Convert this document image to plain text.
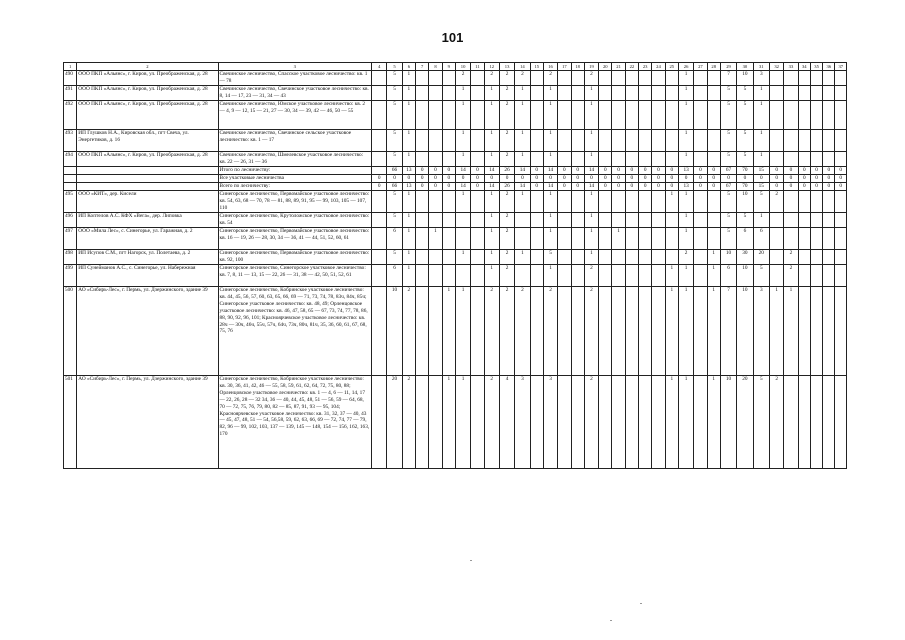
101
1	2	3	4	5	6	7	8	9	10	11	12	13	14	15	16	17	18	19	20	21	22	23	24	25	26	27	28	29	30	31	32	33	34	35	36	37
490	ООО ПКП «Альянс», г. Киров, ул. Преображенская, д. 28	Свечинское лесничество, Спасское участковое лесничество: кв. 1 — 78		5	1				2		2	2	2		2			2							1			7	10	3						
491	ООО ПКП «Альянс», г. Киров, ул. Преображенская, д. 28	Свечинское лесничество, Свечинское участковое лесничество: кв. 8, 14 — 17, 23 — 31, 34 — 43		5	1				1		1	2	1		1			1							1			5	5	1						
492	ООО ПКП «Альянс», г. Киров, ул. Преображенская, д. 28	Свечинское лесничество, Юмское участковое лесничество: кв. 2 — 4, 9 — 12, 15 — 21, 27 — 30, 34 — 39, 42 — 46, 50 — 55		5	1				1		1	2	1		1			1							1			5	5	1						
493	ИП Глушков Н.А., Кировская обл., пгт Свеча, ул. Энергетиков, д. 16	Свечинское лесничество, Свечинское сельское участковое лесничество: кв. 1 — 17		5	1				1		1	2	1		1			1							1			5	5	1						
494	ООО ПКП «Альянс», г. Киров, ул. Преображенская, д. 28	Свечинское лесничество, Шмелевское участковое лесничество: кв. 22 — 26, 31 — 36		5	1				1		1	2	1		1			1							1			5	5	1						
		Итого по лесничеству:		66	13	0	0	0	14	0	14	26	14	0	14	0	0	14	0	0	0	0	0	0	13	0	0	67	70	15	0	0	0	0	0	0
		Все участковые лесничества	0	0	0	0	0	0	0	0	0	0	0	0	0	0	0	0	0	0	0	0	0	0	0	0	0	0	0	0	0	0	0	0	0	0
		Всего по лесничеству:	0	66	13	0	0	0	14	0	14	26	14	0	14	0	0	14	0	0	0	0	0	0	13	0	0	67	70	15	0	0	0	0	0	0
495	ООО «КИТ», дер. Кисели	Синегорское лесничество, Первомайское участковое лесничество: кв. 54, 63, 68 — 70, 78 — 81, 88, 89, 91, 95 — 99, 103, 105 — 107, 110		5	1				1		1	2	1		1			1						1	1			5	10	5	2					
496	ИП Коптелов А.С. КФХ «Вега», дер. Липовка	Синегорское лесничество, Крутоложское участковое лесничество: кв. 54		5	1						1	2			1			1							1			5	5	1						
497	ООО «Мила Лес», с. Синегорье, ул. Гаражная, д. 2	Синегорское лесничество, Первомайское участковое лесничество: кв. 16 — 19, 26 — 28, 30, 34 — 36, 41 — 44, 51, 52, 60, 61		6	1		1				1	2			1			1		1					1			5	6	6						
498	ИП Исупов С.М., пгт Нагорск, ул. Полетаева, д. 2	Синегорское лесничество, Первомайское участковое лесничество: кв. 92, 100		5	1				1		1	2	1		5			1							2		1	10	30	20		2				
499	ИП Сунейманов А.С., с. Синегорье, ул. Набережная	Синегорское лесничество, Синегорское участковое лесничество: кв. 7, 8, 11 — 13, 15 — 22, 26 — 31, 38 — 42, 50, 51, 52, 61		6	1						1	2			1			2						1	1		1	6	10	5		2				
500	АО «Сибирь-Лес», г. Пермь, ул. Дзержинского, здание 39	Синегорское лесничество, Кобринское участковое лесничество: кв. 44, 45, 56, 57, 60, 63, 65, 66, 69 — 71, 73, 74, 78, 83ч, 84ч, 85ч; Синегорское участковое лесничество: кв. 48, 49; Орленцовское участковое лесничество: кв. 46, 47, 58, 65 — 67, 73, 74, 77, 78, 86, 88, 90, 92, 96, 101; Красноярчевское участковое лесничество: кв. 28ч — 30ч, 46ч, 55ч, 57ч, 64ч, 73ч, 80ч, 81ч, 35, 36, 60, 61, 67, 68, 75, 76		10	2			1	1		2	2	2		2			2						1	1		1	7	10	3	1	1				
501	АО «Сибирь-Лес», г. Пермь, ул. Дзержинского, здание 39	Синегорское лесничество, Кобринское участковое лесничество: кв. 30, 36, 41, 42, 46 — 55, 58, 59, 61, 62, 64, 72, 75, 80, 88; Орленцовское участковое лесничество: кв. 1 — 4, 6 — 11, 14, 17 — 22, 26, 28 — 32 34, 36 — 40, 44, 45, 48, 51 — 56, 59 — 64, 68, 70 — 72, 75, 76, 79, 80, 82 — 85, 87, 91, 93 — 95, 104; Красноярчевское участковое лесничество: кв. 31, 32, 37 — 40, 43 — 45, 47, 48, 51 — 54, 56,58, 59, 62, 63, 66, 69 — 72, 74, 77 — 79, 82, 96 — 99, 102, 103, 137 — 139, 145 — 148, 154 — 156, 162, 163, 170		20	2			1	1		2	4	3		3			2						1	1		1	10	20	5	2					
